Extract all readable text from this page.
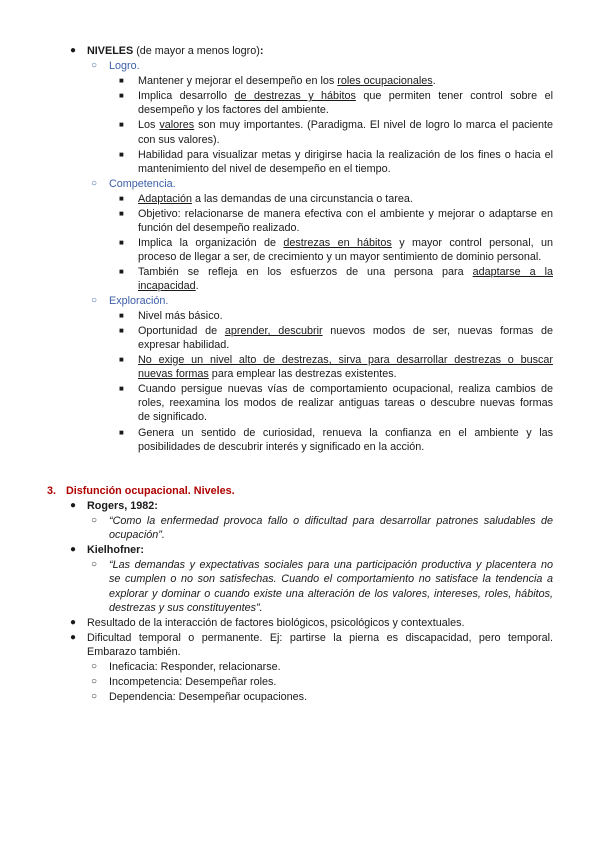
● NIVELES (de mayor a menos logro):
○ Logro.
■ Mantener y mejorar el desempeño en los roles ocupacionales.
■ Implica desarrollo de destrezas y hábitos que permiten tener control sobre el
desempeño y los factores del ambiente.
■ Los valores son muy importantes. (Paradigma. El nivel de logro lo marca el paciente
con sus valores).
■ Habilidad para visualizar metas y dirigirse hacia la realización de los fines o hacia el
mantenimiento del nivel de desempeño en el tiempo.
○ Competencia.
■ Adaptación a las demandas de una circunstancia o tarea.
■ Objetivo: relacionarse de manera efectiva con el ambiente y mejorar o adaptarse en
función del desempeño realizado.
■ Implica la organización de destrezas en hábitos y mayor control personal, un
proceso de llegar a ser, de crecimiento y un mayor sentimiento de dominio personal.
■ También se refleja en los esfuerzos de una persona para adaptarse a la
incapacidad.
○ Exploración.
■ Nivel más básico.
■ Oportunidad de aprender, descubrir nuevos modos de ser, nuevas formas de
expresar habilidad.
■ No exige un nivel alto de destrezas, sirva para desarrollar destrezas o buscar
nuevas formas para emplear las destrezas existentes.
■ Cuando persigue nuevas vías de comportamiento ocupacional, realiza cambios de
roles, reexamina los modos de realizar antiguas tareas o descubre nuevas formas
de significado.
■ Genera un sentido de curiosidad, renueva la confianza en el ambiente y las
posibilidades de descubrir interés y significado en la acción.
3. Disfunción ocupacional. Niveles.
● Rogers, 1982:
○ “Como la enfermedad provoca fallo o dificultad para desarrollar patrones saludables de
ocupación”.
● Kielhofner:
○ “Las demandas y expectativas sociales para una participación productiva y placentera no
se cumplen o no son satisfechas. Cuando el comportamiento no satisface la tendencia a
explorar y dominar o cuando existe una alteración de los valores, intereses, roles, hábitos,
destrezas y sus constituyentes”.
● Resultado de la interacción de factores biológicos, psicológicos y contextuales.
● Dificultad temporal o permanente. Ej: partirse la pierna es discapacidad, pero temporal.
Embarazo también.
○ Ineficacia: Responder, relacionarse.
○ Incompetencia: Desempeñar roles.
○ Dependencia: Desempeñar ocupaciones.
